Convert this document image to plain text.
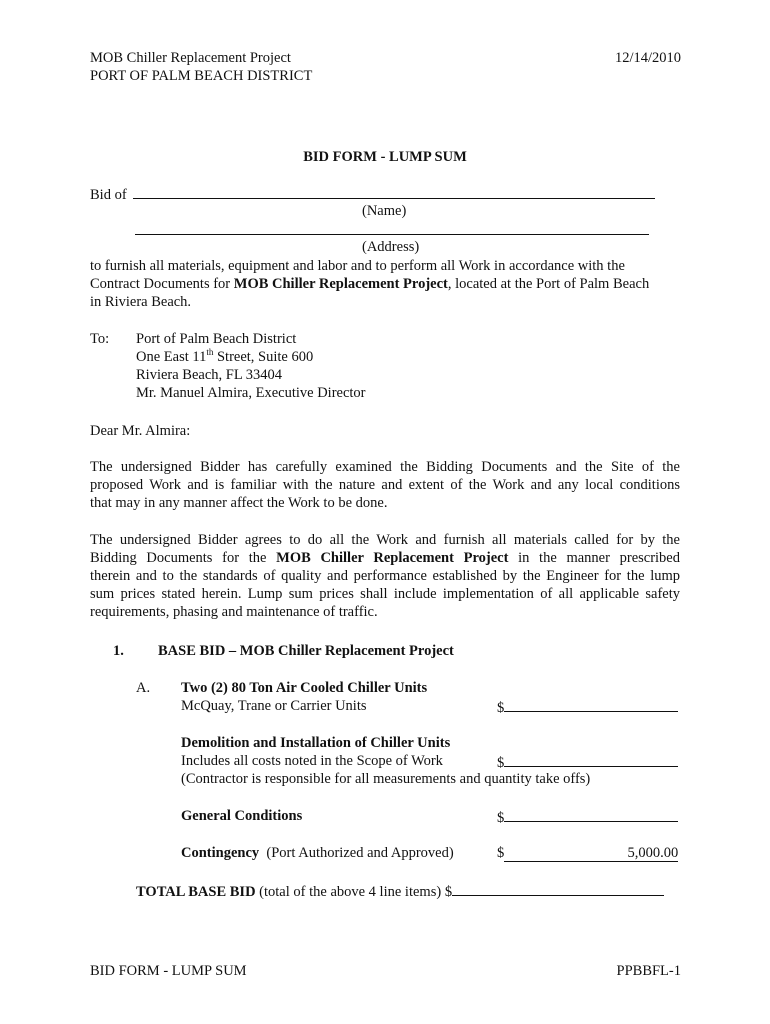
MOB Chiller Replacement Project
PORT OF PALM BEACH DISTRICT
12/14/2010
BID FORM - LUMP SUM
Bid of
(Name)
(Address)
to furnish all materials, equipment and labor and to perform all Work in accordance with the
Contract Documents for MOB Chiller Replacement Project, located at the Port of Palm Beach
in Riviera Beach.
To: Port of Palm Beach District
One East 11th Street, Suite 600
Riviera Beach, FL 33404
Mr. Manuel Almira, Executive Director
Dear Mr. Almira:
The undersigned Bidder has carefully examined the Bidding Documents and the Site of the
proposed Work and is familiar with the nature and extent of the Work and any local conditions
that may in any manner affect the Work to be done.
The undersigned Bidder agrees to do all the Work and furnish all materials called for by the
Bidding Documents for the MOB Chiller Replacement Project in the manner prescribed
therein and to the standards of quality and performance established by the Engineer for the lump
sum prices stated herein. Lump sum prices shall include implementation of all applicable safety
requirements, phasing and maintenance of traffic.
1. BASE BID – MOB Chiller Replacement Project
A. Two (2) 80 Ton Air Cooled Chiller Units
McQuay, Trane or Carrier Units	$
Demolition and Installation of Chiller Units
Includes all costs noted in the Scope of Work	$
(Contractor is responsible for all measurements and quantity take offs)
General Conditions	$
Contingency (Port Authorized and Approved)	$	5,000.00
TOTAL BASE BID (total of the above 4 line items) $
BID FORM - LUMP SUM	PPBBFL-1
